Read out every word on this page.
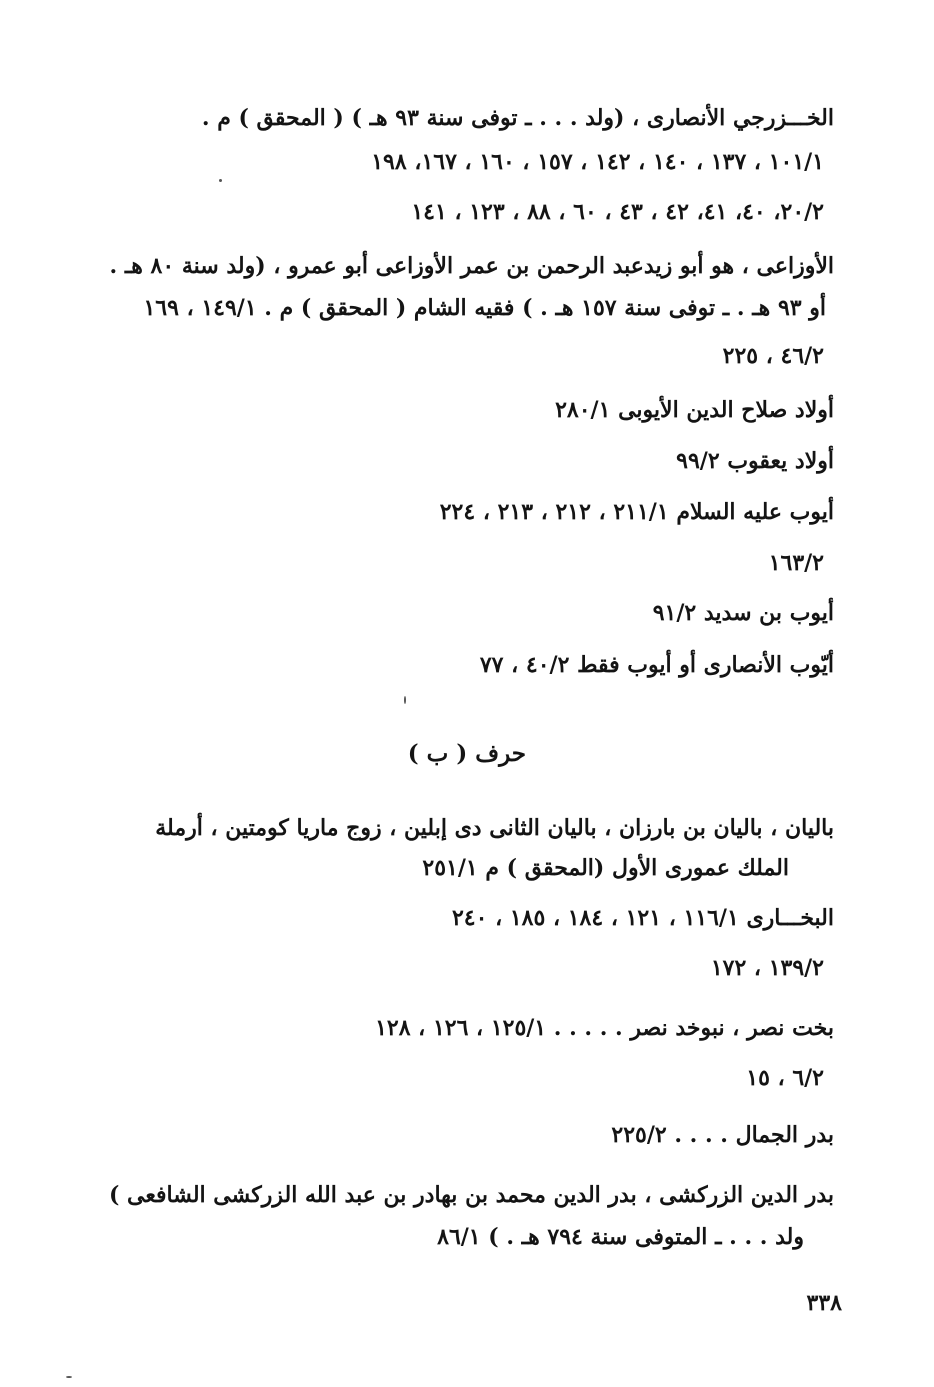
الخـــزرجي الأنصارى ، (ولد . . . ـ توفى سنة ٩٣ هـ ) ( المحقق ) م .
١٠١/١ ، ١٣٧ ، ١٤٠ ، ١٤٢ ، ١٥٧ ، ١٦٠ ، ١٦٧، ١٩٨
٢٠/٢، ٤٠، ٤١، ٤٢ ، ٤٣ ، ٦٠ ، ٨٨ ، ١٢٣ ، ١٤١
الأوزاعى ، هو أبو زيدعبد الرحمن بن عمر الأوزاعى أبو عمرو ، (ولد سنة ٨٠ هـ .
أو ٩٣ هـ . ـ توفى سنة ١٥٧ هـ . ) فقيه الشام ( المحقق ) م . ١٤٩/١ ، ١٦٩
٤٦/٢ ، ٢٢٥
أولاد صلاح الدين الأيوبى ٢٨٠/١
أولاد يعقوب ٩٩/٢
أيوب عليه السلام ٢١١/١ ، ٢١٢ ، ٢١٣ ، ٢٢٤
١٦٣/٢
أيوب بن سديد ٩١/٢
أيّوب الأنصارى أو أيوب فقط ٤٠/٢ ، ٧٧
حرف ( ب )
باليان ، باليان بن بارزان ، باليان الثانى دى إبلين ، زوج ماريا كومتين ، أرملة
الملك عمورى الأول (المحقق ) م ٢٥١/١
البخـــارى ١١٦/١ ، ١٢١ ، ١٨٤ ، ١٨٥ ، ٢٤٠
١٣٩/٢ ، ١٧٢
بخت نصر ، نبوخد نصر . . . . . ١٢٥/١ ، ١٢٦ ، ١٢٨
٦/٢ ، ١٥
بدر الجمال . . . . ٢٢٥/٢
بدر الدين الزركشى ، بدر الدين محمد بن بهادر بن عبد الله الزركشى الشافعى )
ولد . . . ـ المتوفى سنة ٧٩٤ هـ . ) ٨٦/١
٣٣٨
